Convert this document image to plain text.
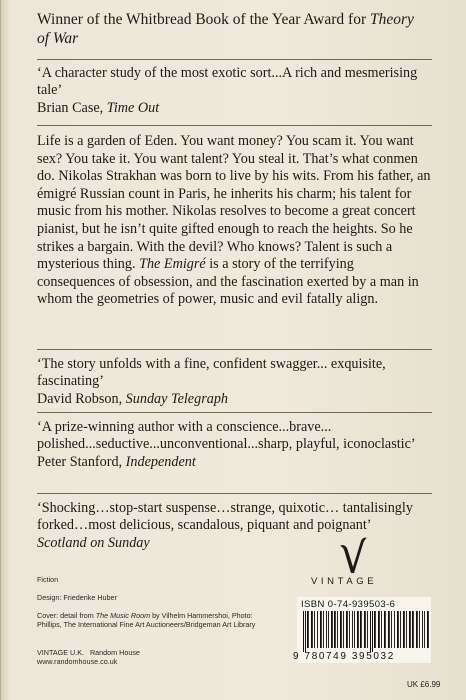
Winner of the Whitbread Book of the Year Award for Theory of War
‘A character study of the most exotic sort...A rich and mesmerising tale’
Brian Case, Time Out

Life is a garden of Eden. You want money? You scam it. You want sex? You take it. You want talent? You steal it. That’s what conmen do. Nikolas Strakhan was born to live by his wits. From his father, an émigré Russian count in Paris, he inherits his charm; his talent for music from his mother. Nikolas resolves to become a great concert pianist, but he isn’t quite gifted enough to reach the heights. So he strikes a bargain. With the devil? Who knows? Talent is such a mysterious thing. The Emigré is a story of the terrifying consequences of obsession, and the fascination exerted by a man in whom the geometries of power, music and evil fatally align.

‘The story unfolds with a fine, confident swagger... exquisite, fascinating’
David Robson, Sunday Telegraph
‘A prize-winning author with a conscience...brave... polished...seductive...unconventional...sharp, playful, iconoclastic’
Peter Stanford, Independent
‘Shocking…stop-start suspense…strange, quixotic… tantalisingly forked…most delicious, scandalous, piquant and poignant’ Scotland on Sunday
VINTAGE
Fiction
Design: Friederike Huber
Cover: detail from The Music Room by Vilhelm Hammershoi, Photo: Phillips, The International Fine Art Auctioneers/Bridgeman Art Library
VINTAGE U.K.   Random House
www.randomhouse.co.uk
ISBN 0-74-939503-6
9 780749 395032
UK £6.99
